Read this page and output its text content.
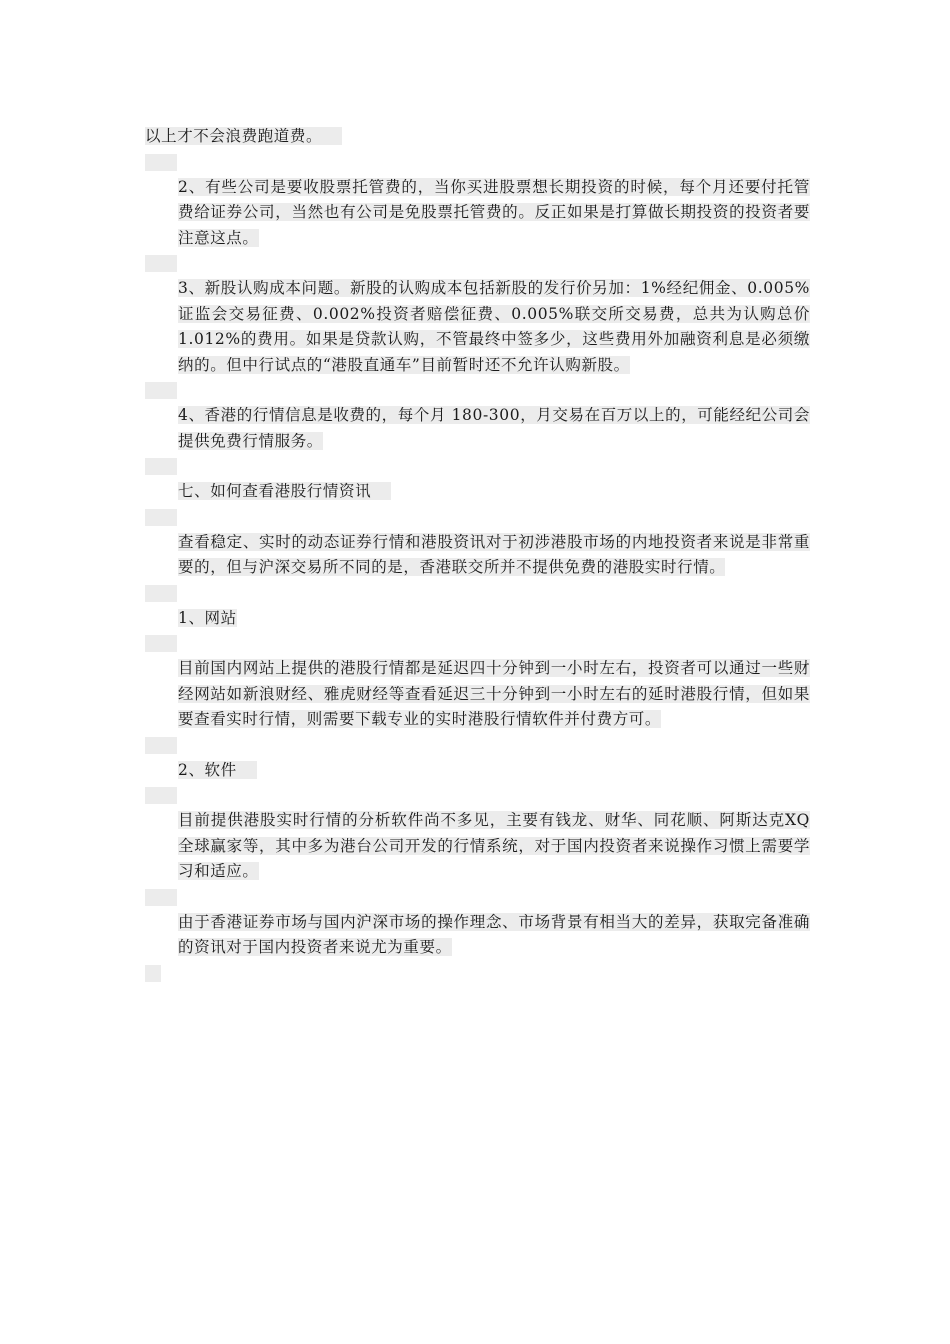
以上才不会浪费跑道费。

2、有些公司是要收股票托管费的，当你买进股票想长期投资的时候，每个月还要付托管费给证券公司，当然也有公司是免股票托管费的。反正如果是打算做长期投资的投资者要注意这点。

3、新股认购成本问题。新股的认购成本包括新股的发行价另加：1%经纪佣金、0.005%证监会交易征费、0.002%投资者赔偿征费、0.005%联交所交易费，总共为认购总价1.012%的费用。如果是贷款认购，不管最终中签多少，这些费用外加融资利息是必须缴纳的。但中行试点的“港股直通车”目前暂时还不允许认购新股。

4、香港的行情信息是收费的，每个月 180-300，月交易在百万以上的，可能经纪公司会提供免费行情服务。

七、如何查看港股行情资讯

查看稳定、实时的动态证券行情和港股资讯对于初涉港股市场的内地投资者来说是非常重要的，但与沪深交易所不同的是，香港联交所并不提供免费的港股实时行情。

1、网站

目前国内网站上提供的港股行情都是延迟四十分钟到一小时左右，投资者可以通过一些财经网站如新浪财经、雅虎财经等查看延迟三十分钟到一小时左右的延时港股行情，但如果要查看实时行情，则需要下载专业的实时港股行情软件并付费方可。

2、软件

目前提供港股实时行情的分析软件尚不多见，主要有钱龙、财华、同花顺、阿斯达克XQ 全球赢家等，其中多为港台公司开发的行情系统，对于国内投资者来说操作习惯上需要学习和适应。

由于香港证券市场与国内沪深市场的操作理念、市场背景有相当大的差异，获取完备准确的资讯对于国内投资者来说尤为重要。
